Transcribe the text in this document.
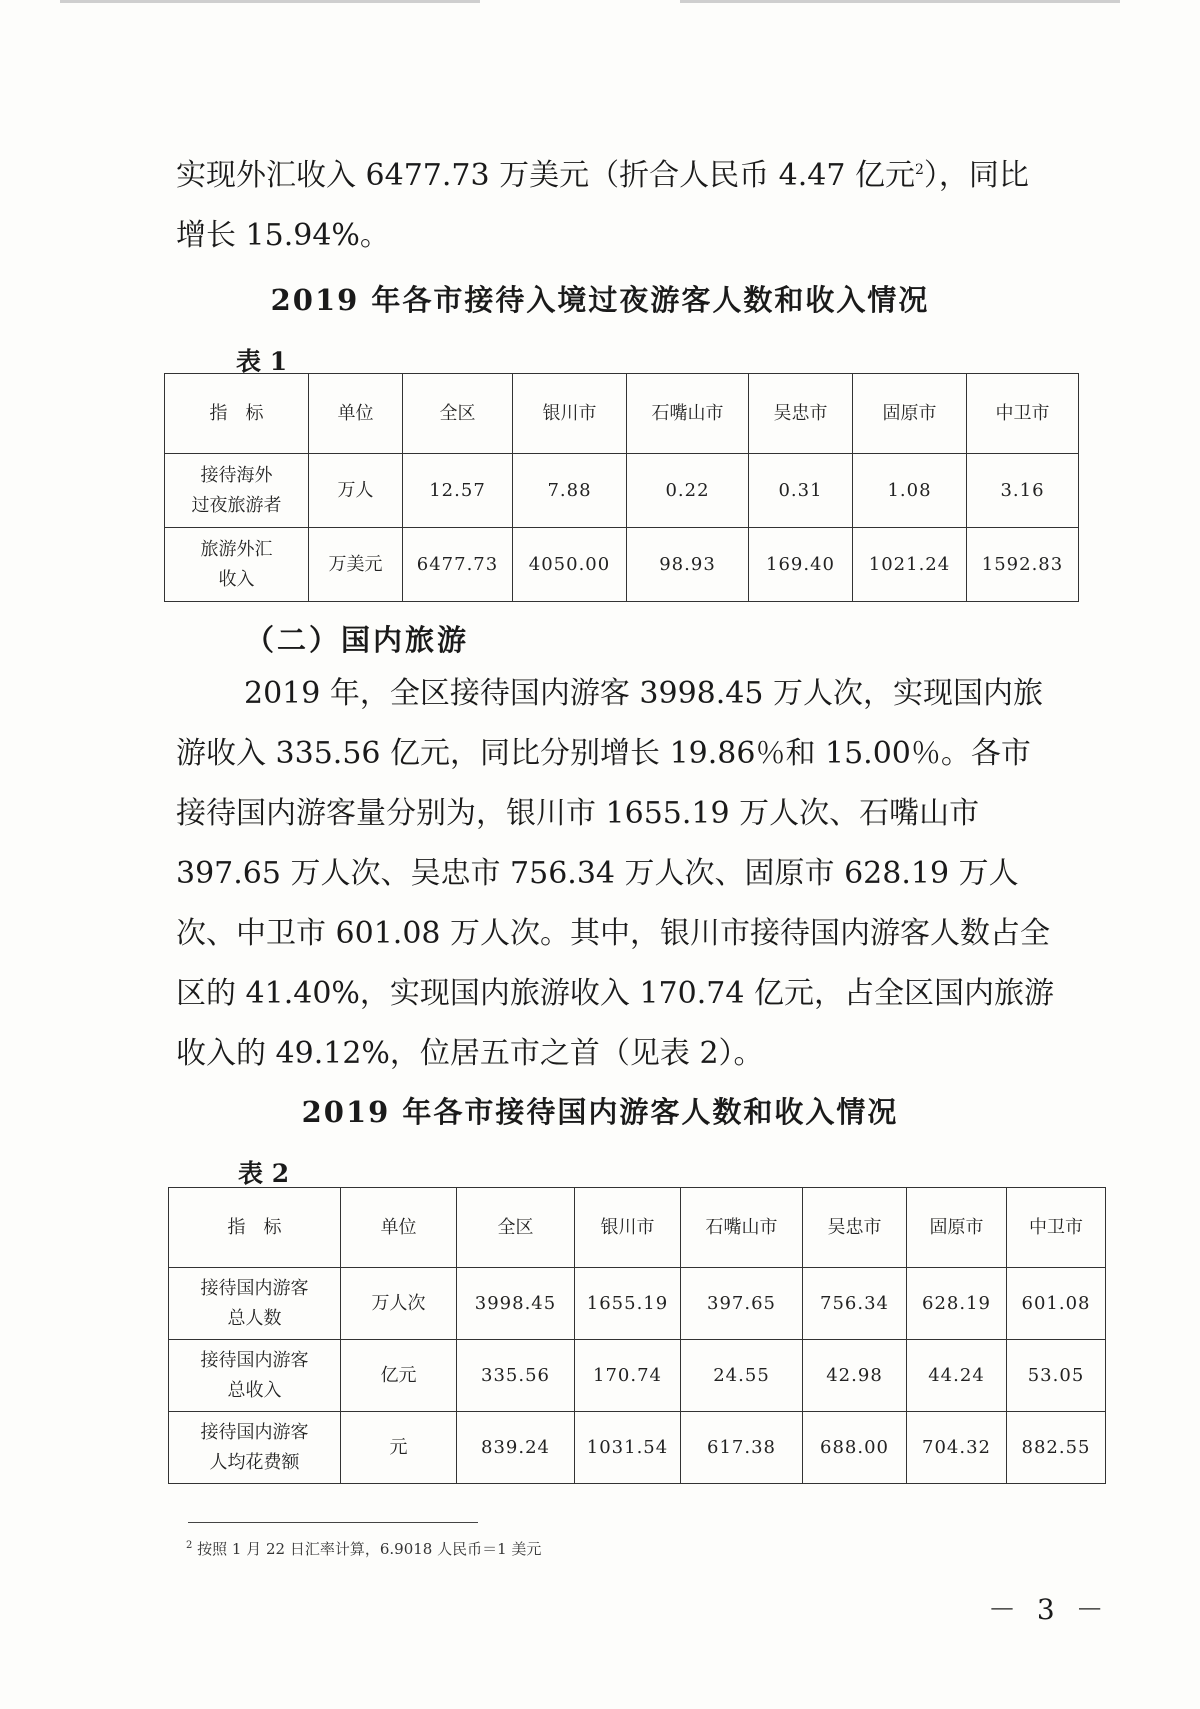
实现外汇收入 6477.73 万美元（折合人民币 4.47 亿元$^2$），同比
增长 15.94%。

2019 年各市接待入境过夜游客人数和收入情况
表 1
指　标	单位	全区	银川市	石嘴山市	吴忠市	固原市	中卫市
接待海外
过夜旅游者	万人	12.57	7.88	0.22	0.31	1.08	3.16
旅游外汇
收入	万美元	6477.73	4050.00	98.93	169.40	1021.24	1592.83
（二）国内旅游

2019 年，全区接待国内游客 3998.45 万人次，实现国内旅游收入 335.56 亿元，同比分别增长 19.86％和 15.00％。各市接待国内游客量分别为，银川市 1655.19 万人次、石嘴山市 397.65 万人次、吴忠市 756.34 万人次、固原市 628.19 万人次、中卫市 601.08 万人次。其中，银川市接待国内游客人数占全区的 41.40%，实现国内旅游收入 170.74 亿元，占全区国内旅游收入的 49.12%，位居五市之首（见表 2）。

2019 年各市接待国内游客人数和收入情况
表 2
指　标	单位	全区	银川市	石嘴山市	吴忠市	固原市	中卫市
接待国内游客
总人数	万人次	3998.45	1655.19	397.65	756.34	628.19	601.08
接待国内游客
总收入	亿元	335.56	170.74	24.55	42.98	44.24	53.05
接待国内游客
人均花费额	元	839.24	1031.54	617.38	688.00	704.32	882.55
$^2$ 按照 1 月 22 日汇率计算，6.9018 人民币＝1 美元
－ 3 －
